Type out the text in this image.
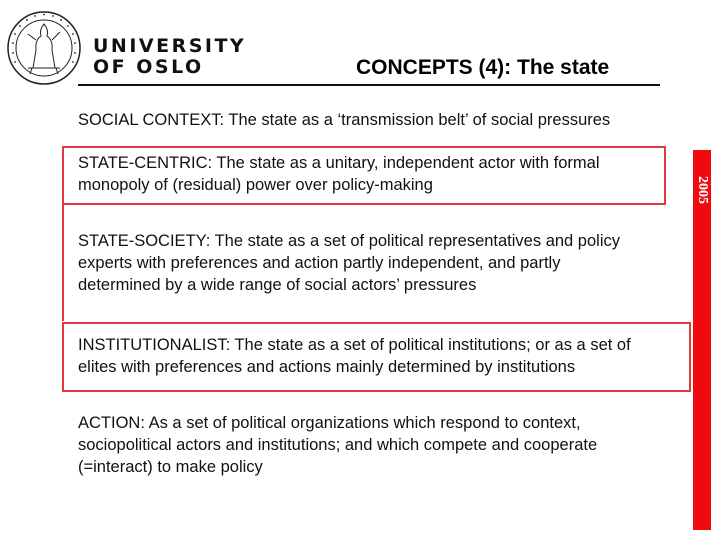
UNIVERSITY
OF OSLO	CONCEPTS (4): The state
2005
SOCIAL CONTEXT: The state as a ‘transmission belt’ of social pressures
STATE-CENTRIC: The state as a unitary, independent actor with formal
monopoly of (residual) power over policy-making
STATE-SOCIETY: The state as a set of political representatives and policy
experts with preferences and action partly independent, and partly
determined by a wide range of social actors’ pressures
INSTITUTIONALIST: The state as a set of political institutions; or as a set of
elites with preferences and actions mainly determined by institutions
ACTION: As a set of political organizations which respond to context,
sociopolitical actors and institutions; and which compete and cooperate
(=interact) to make policy
